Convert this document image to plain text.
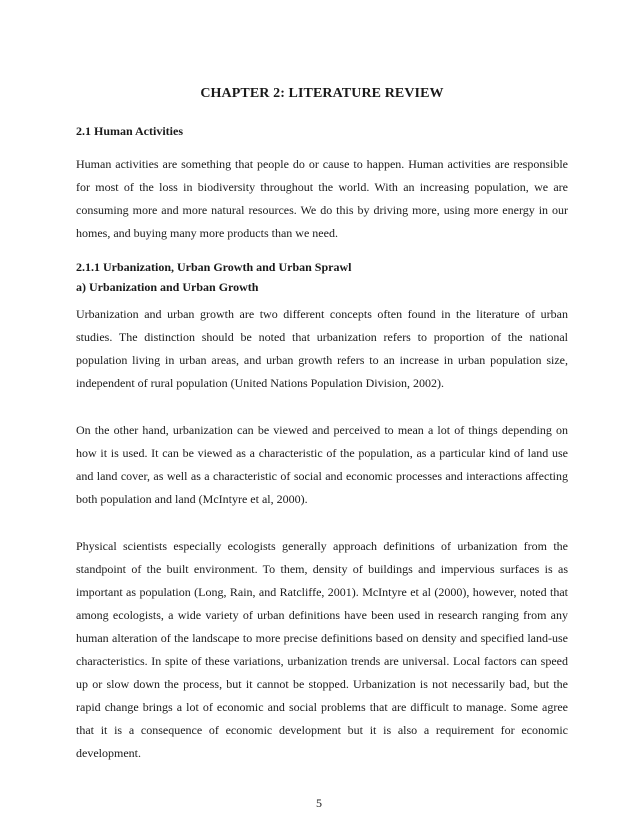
CHAPTER 2: LITERATURE REVIEW
2.1 Human Activities

Human activities are something that people do or cause to happen. Human activities are responsible for most of the loss in biodiversity throughout the world. With an increasing population, we are consuming more and more natural resources. We do this by driving more, using more energy in our homes, and buying many more products than we need.

2.1.1 Urbanization, Urban Growth and Urban Sprawl
a) Urbanization and Urban Growth

Urbanization and urban growth are two different concepts often found in the literature of urban studies. The distinction should be noted that urbanization refers to proportion of the national population living in urban areas, and urban growth refers to an increase in urban population size, independent of rural population (United Nations Population Division, 2002).

On the other hand, urbanization can be viewed and perceived to mean a lot of things depending on how it is used. It can be viewed as a characteristic of the population, as a particular kind of land use and land cover, as well as a characteristic of social and economic processes and interactions affecting both population and land (McIntyre et al, 2000).

Physical scientists especially ecologists generally approach definitions of urbanization from the standpoint of the built environment. To them, density of buildings and impervious surfaces is as important as population (Long, Rain, and Ratcliffe, 2001). McIntyre et al (2000), however, noted that among ecologists, a wide variety of urban definitions have been used in research ranging from any human alteration of the landscape to more precise definitions based on density and specified land-use characteristics. In spite of these variations, urbanization trends are universal. Local factors can speed up or slow down the process, but it cannot be stopped. Urbanization is not necessarily bad, but the rapid change brings a lot of economic and social problems that are difficult to manage. Some agree that it is a consequence of economic development but it is also a requirement for economic development.

5
